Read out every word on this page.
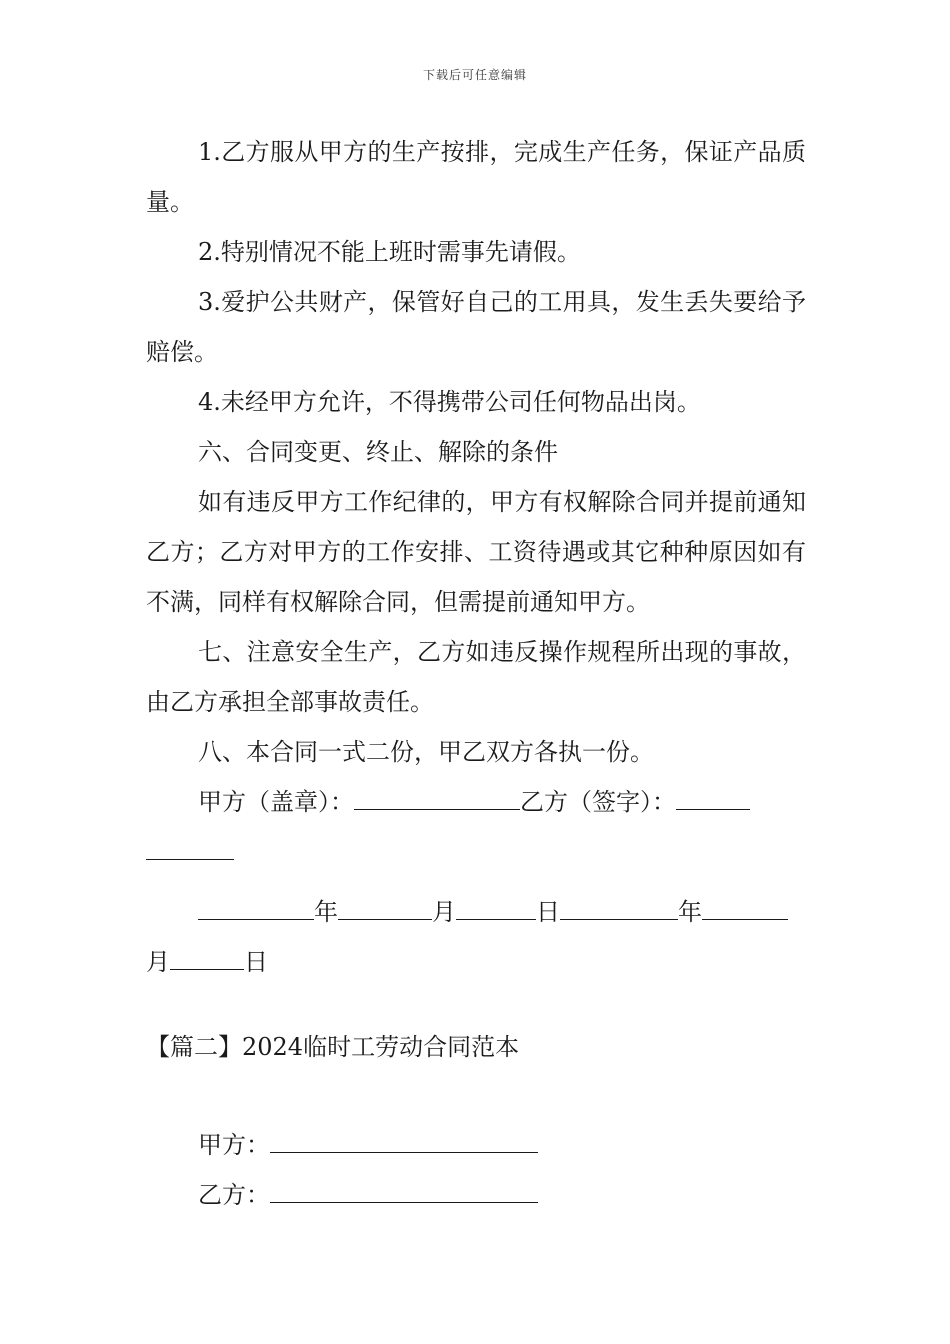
下载后可任意编辑

1.乙方服从甲方的生产按排，完成生产任务，保证产品质量。

2.特别情况不能上班时需事先请假。

3.爱护公共财产，保管好自己的工用具，发生丢失要给予赔偿。

4.未经甲方允许，不得携带公司任何物品出岗。

六、合同变更、终止、解除的条件

如有违反甲方工作纪律的，甲方有权解除合同并提前通知乙方；乙方对甲方的工作安排、工资待遇或其它种种原因如有不满，同样有权解除合同，但需提前通知甲方。

七、注意安全生产，乙方如违反操作规程所出现的事故，由乙方承担全部事故责任。

八、本合同一式二份，甲乙双方各执一份。

甲方（盖章）：	乙方（签字）：

年	月	日	年

月	日

【篇二】2024临时工劳动合同范本
甲方：
乙方：
